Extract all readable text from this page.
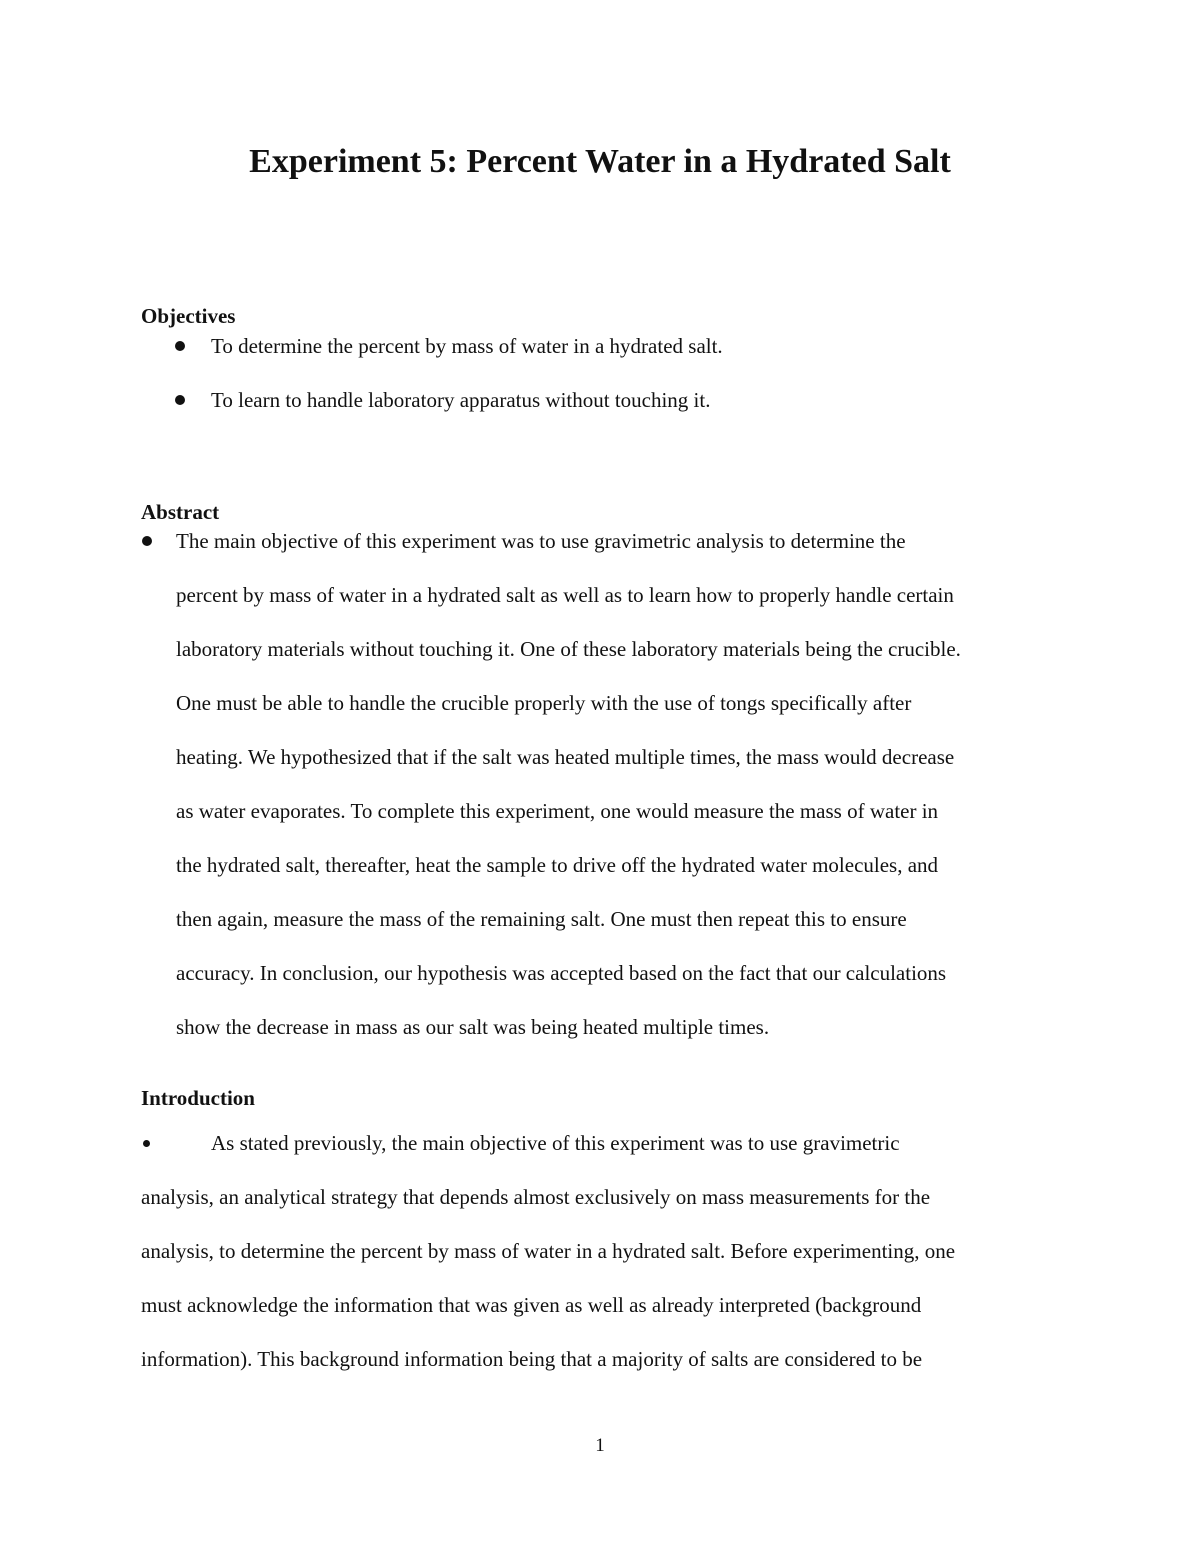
Experiment 5: Percent Water in a Hydrated Salt
Objectives
To determine the percent by mass of water in a hydrated salt.
To learn to handle laboratory apparatus without touching it.
Abstract
The main objective of this experiment was to use gravimetric analysis to determine the
percent by mass of water in a hydrated salt as well as to learn how to properly handle certain
laboratory materials without touching it. One of these laboratory materials being the crucible.
One must be able to handle the crucible properly with the use of tongs specifically after
heating. We hypothesized that if the salt was heated multiple times, the mass would decrease
as water evaporates. To complete this experiment, one would measure the mass of water in
the hydrated salt, thereafter, heat the sample to drive off the hydrated water molecules, and
then again, measure the mass of the remaining salt. One must then repeat this to ensure
accuracy. In conclusion, our hypothesis was accepted based on the fact that our calculations
show the decrease in mass as our salt was being heated multiple times.
Introduction
As stated previously, the main objective of this experiment was to use gravimetric
analysis, an analytical strategy that depends almost exclusively on mass measurements for the
analysis, to determine the percent by mass of water in a hydrated salt. Before experimenting, one
must acknowledge the information that was given as well as already interpreted (background
information). This background information being that a majority of salts are considered to be
1
